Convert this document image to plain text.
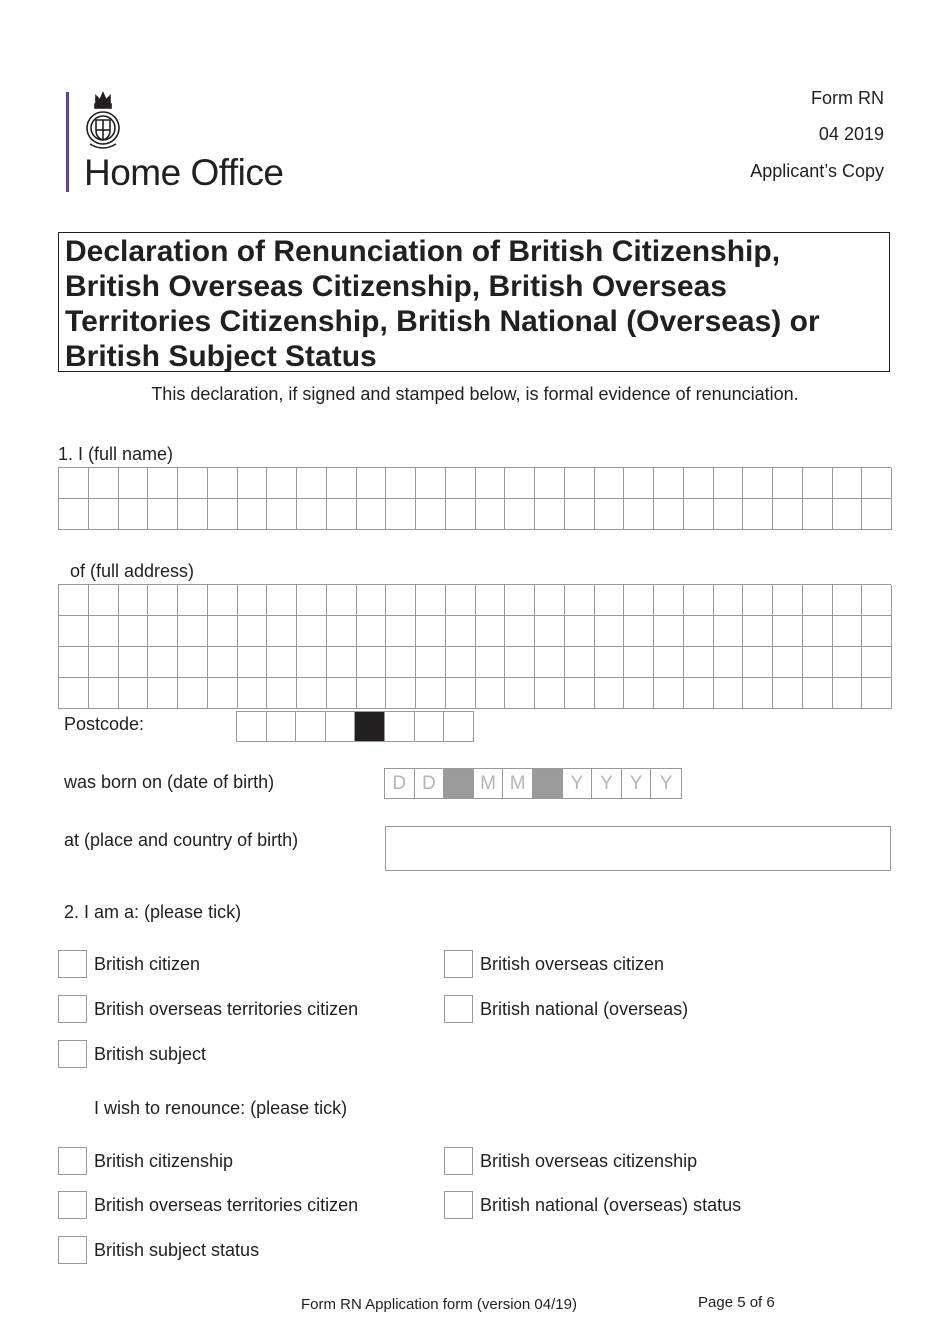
Home Office
Form RN
04 2019
Applicant’s Copy
Declaration of Renunciation of British Citizenship,
British Overseas Citizenship, British Overseas
Territories Citizenship, British National (Overseas) or
British Subject Status
This declaration, if signed and stamped below, is formal evidence of renunciation.
1. I (full name)
of (full address)
Postcode:
was born on (date of birth)	D D	M M	Y Y Y Y
at (place and country of birth)
2. I am a: (please tick)
British citizen	British overseas citizen
British overseas territories citizen	British national (overseas)
British subject
I wish to renounce: (please tick)
British citizenship	British overseas citizenship
British overseas territories citizen	British national (overseas) status
British subject status
Form RN Application form (version 04/19)	Page 5 of 6
